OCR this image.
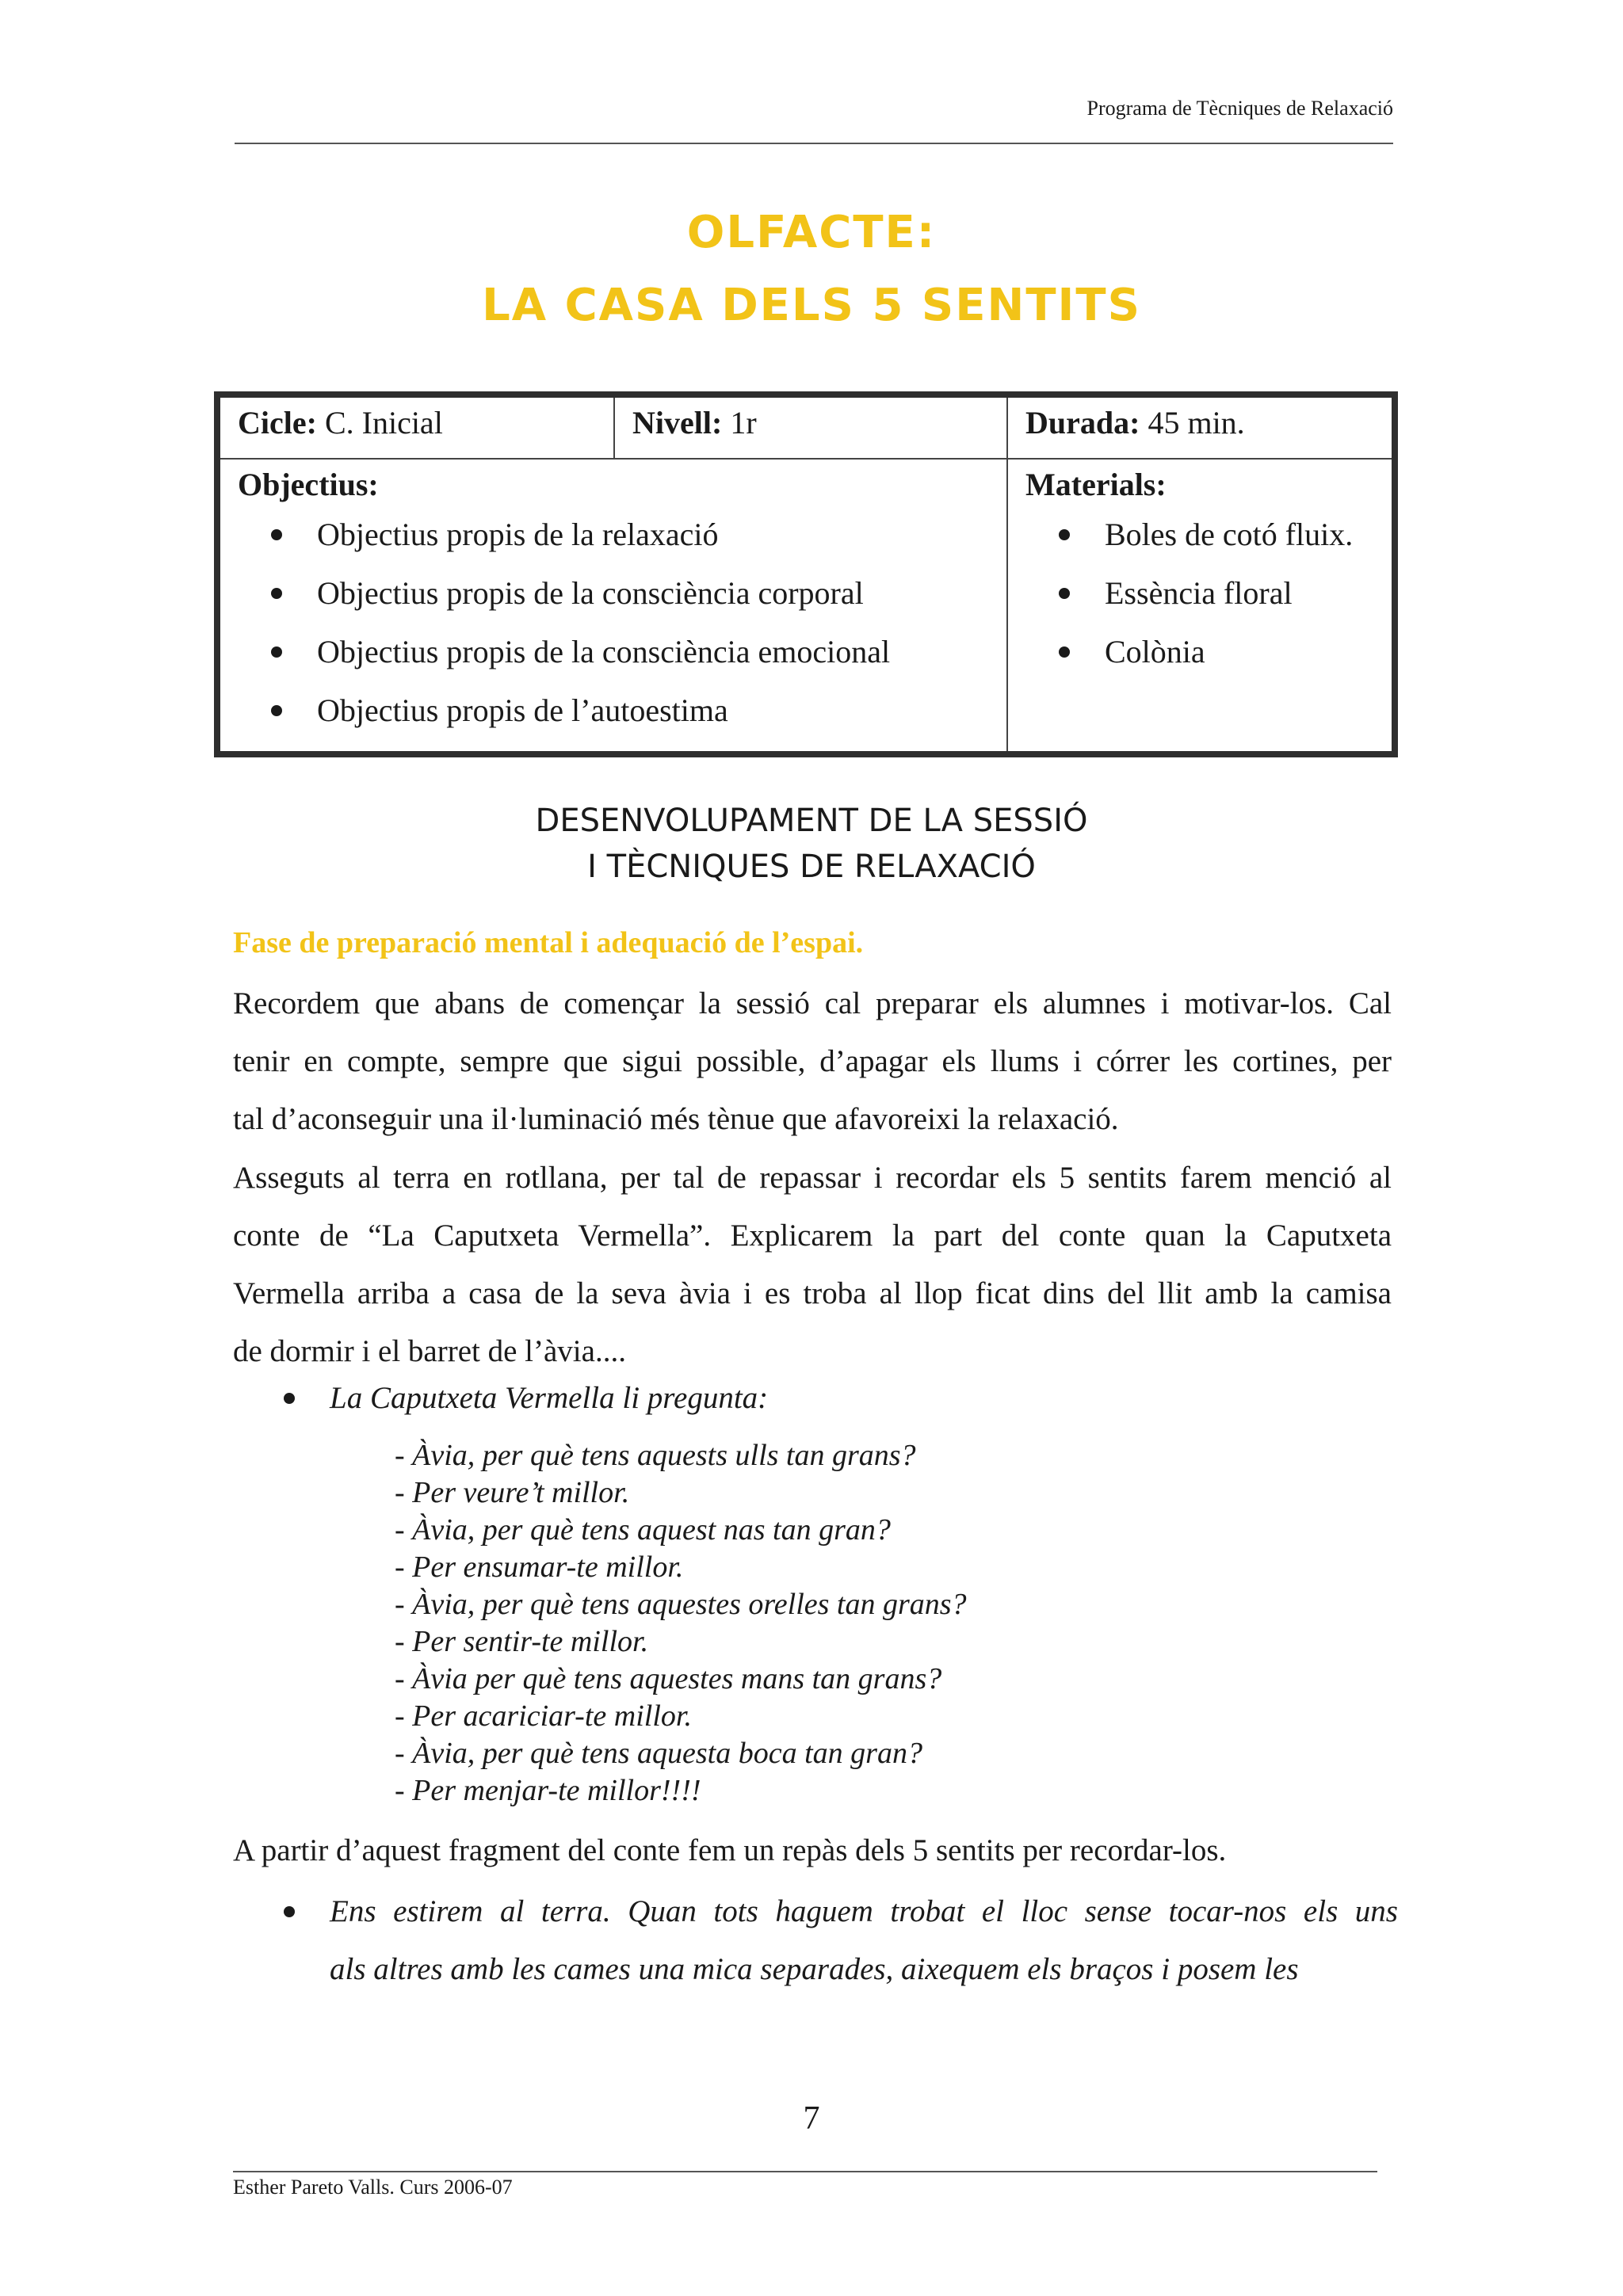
Programa de Tècniques de Relaxació
OLFACTE:
LA CASA DELS 5 SENTITS
Cicle: C. Inicial	Nivell: 1r	Durada: 45 min.
Objectius:
Objectius propis de la relaxació
Objectius propis de la consciència corporal
Objectius propis de la consciència emocional
Objectius propis de l’autoestima
Materials:
Boles de cotó fluix.
Essència floral
Colònia
DESENVOLUPAMENT DE LA SESSIÓ
I TÈCNIQUES DE RELAXACIÓ
Fase de preparació mental i adequació de l’espai.
Recordem que abans de començar la sessió cal preparar els alumnes i motivar-los. Cal
tenir en compte, sempre que sigui possible, d’apagar els llums i córrer les cortines, per
tal d’aconseguir una il·luminació més tènue que afavoreixi la relaxació.
Asseguts al terra en rotllana, per tal de repassar i recordar els 5 sentits farem menció al
conte de “La Caputxeta Vermella”. Explicarem la part del conte quan la Caputxeta
Vermella arriba a casa de la seva àvia i es troba al llop ficat dins del llit amb la camisa
de dormir i el barret de l’àvia....
La Caputxeta Vermella li pregunta:
- Àvia, per què tens aquests ulls tan grans?
- Per veure’t millor.
- Àvia, per què tens aquest nas tan gran?
- Per ensumar-te millor.
- Àvia, per què tens aquestes orelles tan grans?
- Per sentir-te millor.
- Àvia per què tens aquestes mans tan grans?
- Per acariciar-te millor.
- Àvia, per què tens aquesta boca tan gran?
- Per menjar-te millor!!!!
A partir d’aquest fragment del conte fem un repàs dels 5 sentits per recordar-los.
Ens estirem al terra. Quan tots haguem trobat el lloc sense tocar-nos els uns
als altres amb les cames una mica separades, aixequem els braços i posem les
7
Esther Pareto Valls. Curs 2006-07
